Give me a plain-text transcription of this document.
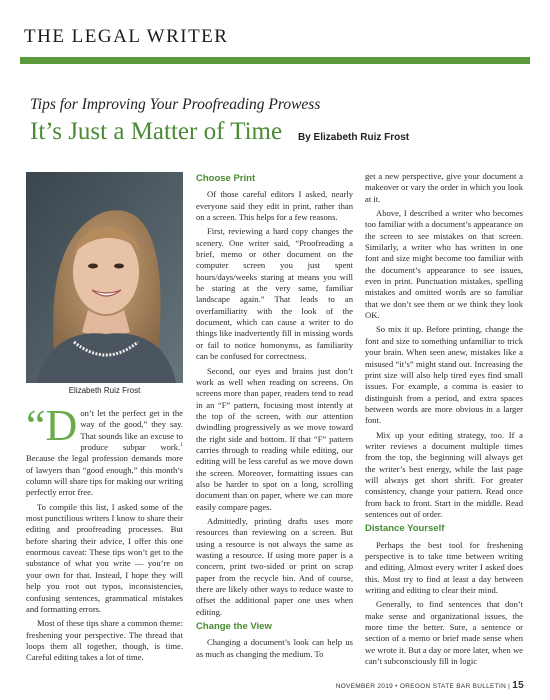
THE LEGAL WRITER
Tips for Improving Your Proofreading Prowess
It’s Just a Matter of Time By Elizabeth Ruiz Frost
Bullivan File Photo
Elizabeth Ruiz Frost

“Don’t let the perfect get in the way of the good,” they say. That sounds like an excuse to produce subpar work.$^1$ Because the legal profession demands more of lawyers than “good enough,” this month’s column will share tips for making our writing perfectly error free.

To compile this list, I asked some of the most punctilious writers I know to share their editing and proofreading processes. But before sharing their advice, I offer this one enormous caveat: These tips won’t get to the substance of what you write — you’re on your own for that. Instead, I hope they will help you root out typos, inconsistencies, confusing sentences, grammatical mistakes and formatting errors.

Most of these tips share a common theme: freshening your perspective. The thread that loops them all together, though, is time. Careful editing takes a lot of time.

Choose Print

Of those careful editors I asked, nearly everyone said they edit in print, rather than on a screen. This helps for a few reasons.

First, reviewing a hard copy changes the scenery. One writer said, “Proofreading a brief, memo or other document on the computer screen you just spent hours/days/weeks staring at means you will be staring at the very same, familiar landscape again.” That leads to an overfamiliarity with the look of the document, which can cause a writer to do things like inadvertently fill in missing words or fail to notice homonyms, as familiarity can be confused for correctness.

Second, our eyes and brains just don’t work as well when reading on screens. On screens more than paper, readers tend to read in an “F” pattern, focusing most intently at the top of the screen, with our attention dwindling progressively as we move toward the right side and bottom. If that “F” pattern carries through to reading while editing, our editing will be less careful as we move down the screen. Moreover, formatting issues can also be harder to spot on a long, scrolling document than on paper, where we can more easily compare pages.

Admittedly, printing drafts uses more resources than reviewing on a screen. But using a resource is not always the same as wasting a resource. If using more paper is a concern, print two-sided or print on scrap paper from the recycle bin. And of course, there are likely other ways to reduce waste to offset the additional paper one uses when editing.

Change the View

Changing a document’s look can help us as much as changing the medium. To

get a new perspective, give your document a makeover or vary the order in which you look at it.

Above, I described a writer who becomes too familiar with a document’s appearance on the screen to see mistakes on that screen. Similarly, a writer who has written in one font and size might become too familiar with the document’s appearance to see issues, even in print. Punctuation mistakes, spelling mistakes and omitted words are so familiar that we don’t see them or we think they look OK.

So mix it up. Before printing, change the font and size to something unfamiliar to trick your brain. When seen anew, mistakes like a misused “it’s” might stand out. Increasing the print size will also help tired eyes find small issues. For example, a comma is easier to distinguish from a period, and extra spaces between words are more obvious in a larger font.

Mix up your editing strategy, too. If a writer reviews a document multiple times from the top, the beginning will always get the writer’s best energy, while the last page will always get short shrift. For greater consistency, change your pattern. Read once from back to front. Start in the middle. Read sentences out of order.

Distance Yourself

Perhaps the best tool for freshening perspective is to take time between writing and editing. Almost every writer I asked does this. Most try to find at least a day between writing and editing to clear their mind.

Generally, to find sentences that don’t make sense and organizational issues, the more time the better. Sure, a sentence or section of a memo or brief made sense when we wrote it. But a day or more later, when we can’t subconsciously fill in logic

NOVEMBER 2019 • OREGON STATE BAR BULLETIN | 15
